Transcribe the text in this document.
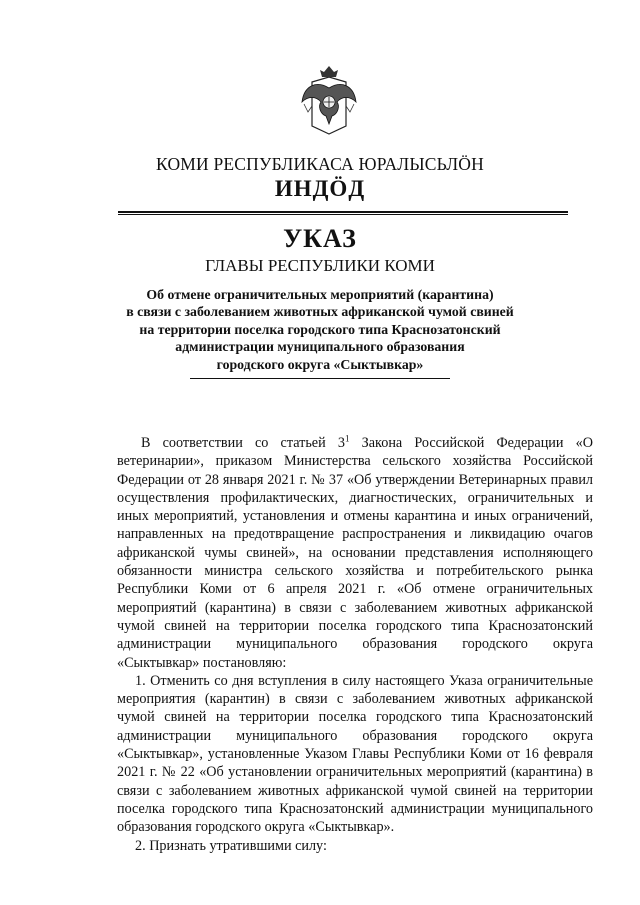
КОМИ РЕСПУБЛИКАСА ЮРАЛЫСЬЛÖН
ИНДÖД
УКАЗ
ГЛАВЫ РЕСПУБЛИКИ КОМИ
Об отмене ограничительных мероприятий (карантина)
в связи с заболеванием животных африканской чумой свиней
на территории поселка городского типа Краснозатонский
администрации муниципального образования
городского округа «Сыктывкар»

В соответствии со статьей $3^1$ Закона Российской Федерации «О ветеринарии», приказом Министерства сельского хозяйства Российской Федерации от 28 января 2021 г. № 37 «Об утверждении Ветеринарных правил осуществления профилактических, диагностических, ограничительных и иных мероприятий, установления и отмены карантина и иных ограничений, направленных на предотвращение распространения и ликвидацию очагов африканской чумы свиней», на основании представления исполняющего обязанности министра сельского хозяйства и потребительского рынка Республики Коми от 6 апреля 2021 г. «Об отмене ограничительных мероприятий (карантина) в связи с заболеванием животных африканской чумой свиней на территории поселка городского типа Краснозатонский администрации муниципального образования городского округа «Сыктывкар» постановляю:

1. Отменить со дня вступления в силу настоящего Указа ограничительные мероприятия (карантин) в связи с заболеванием животных африканской чумой свиней на территории поселка городского типа Краснозатонский администрации муниципального образования городского округа «Сыктывкар», установленные Указом Главы Республики Коми от 16 февраля 2021 г. № 22 «Об установлении ограничительных мероприятий (карантина) в связи с заболеванием животных африканской чумой свиней на территории поселка городского типа Краснозатонский администрации муниципального образования городского округа «Сыктывкар».

2. Признать утратившими силу:
